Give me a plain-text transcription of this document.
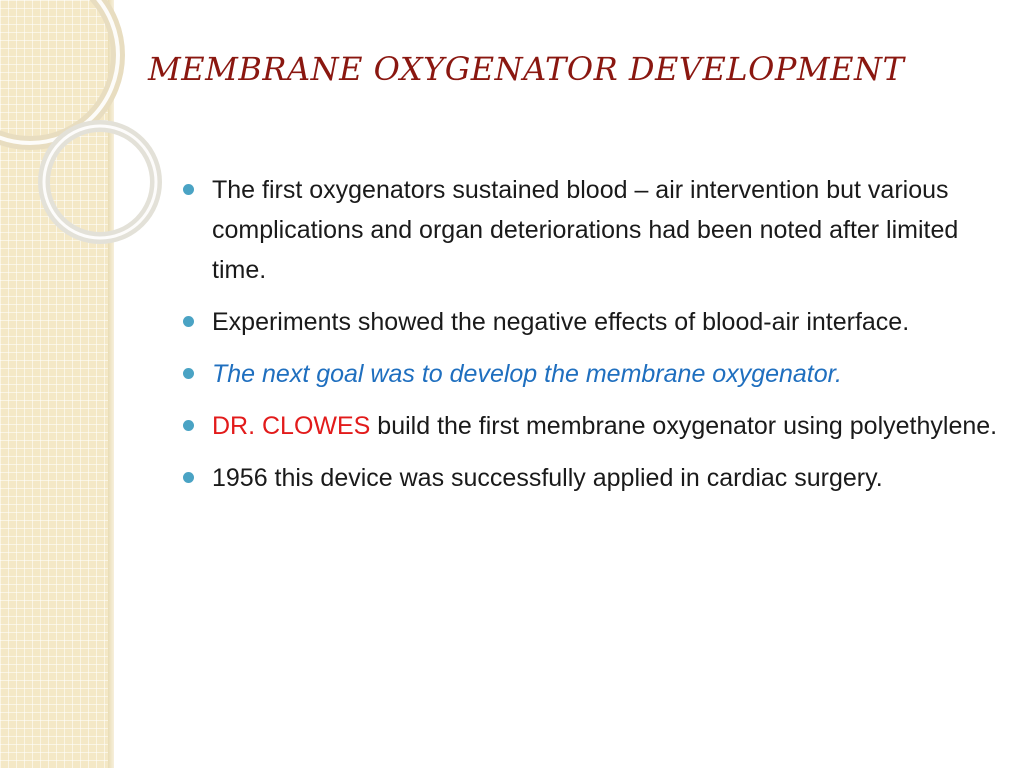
MEMBRANE OXYGENATOR DEVELOPMENT
The first oxygenators sustained blood – air intervention but various complications and organ deteriorations had been noted after limited time.
Experiments showed the negative effects of blood-air interface.
The next goal was to develop the membrane oxygenator.
DR. CLOWES build the first membrane oxygenator using polyethylene.
1956 this device was successfully applied in cardiac surgery.
